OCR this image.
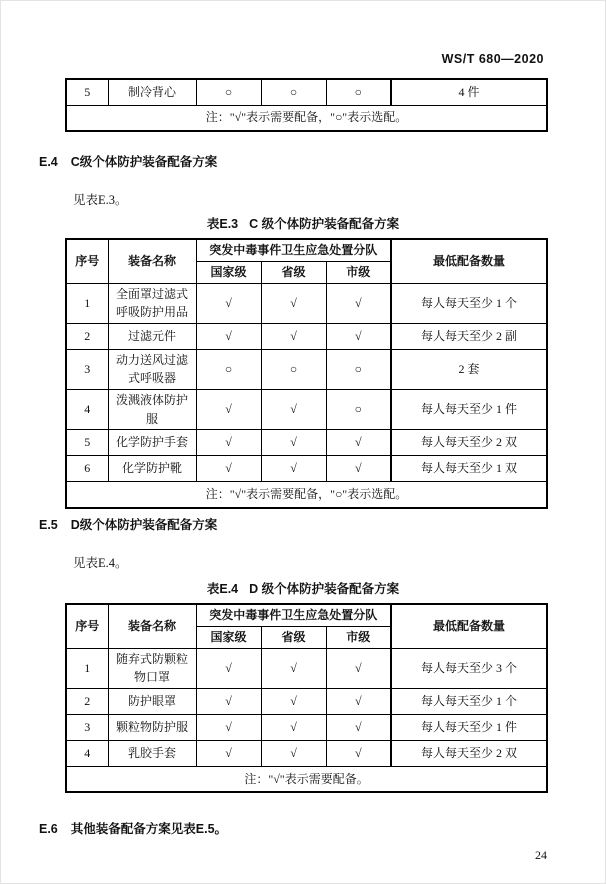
WS/T 680—2020
5	制冷背心	○	○	○	4 件
注："√"表示需要配备，"○"表示选配。
E.4 C级个体防护装备配备方案
见表E.3。
表E.3 C 级个体防护装备配备方案
序号	装备名称	突发中毒事件卫生应急处置分队			最低配备数量
		国家级	省级	市级	
1	全面罩过滤式呼吸防护用品	√	√	√	每人每天至少 1 个
2	过滤元件	√	√	√	每人每天至少 2 副
3	动力送风过滤式呼吸器	○	○	○	2 套
4	泼溅液体防护服	√	√	○	每人每天至少 1 件
5	化学防护手套	√	√	√	每人每天至少 2 双
6	化学防护靴	√	√	√	每人每天至少 1 双
注："√"表示需要配备，"○"表示选配。					
E.5 D级个体防护装备配备方案
见表E.4。
表E.4 D 级个体防护装备配备方案
序号	装备名称	突发中毒事件卫生应急处置分队			最低配备数量
		国家级	省级	市级	
1	随弃式防颗粒物口罩	√	√	√	每人每天至少 3 个
2	防护眼罩	√	√	√	每人每天至少 1 个
3	颗粒物防护服	√	√	√	每人每天至少 1 件
4	乳胶手套	√	√	√	每人每天至少 2 双
注："√"表示需要配备。					
E.6 其他装备配备方案见表E.5。
24
